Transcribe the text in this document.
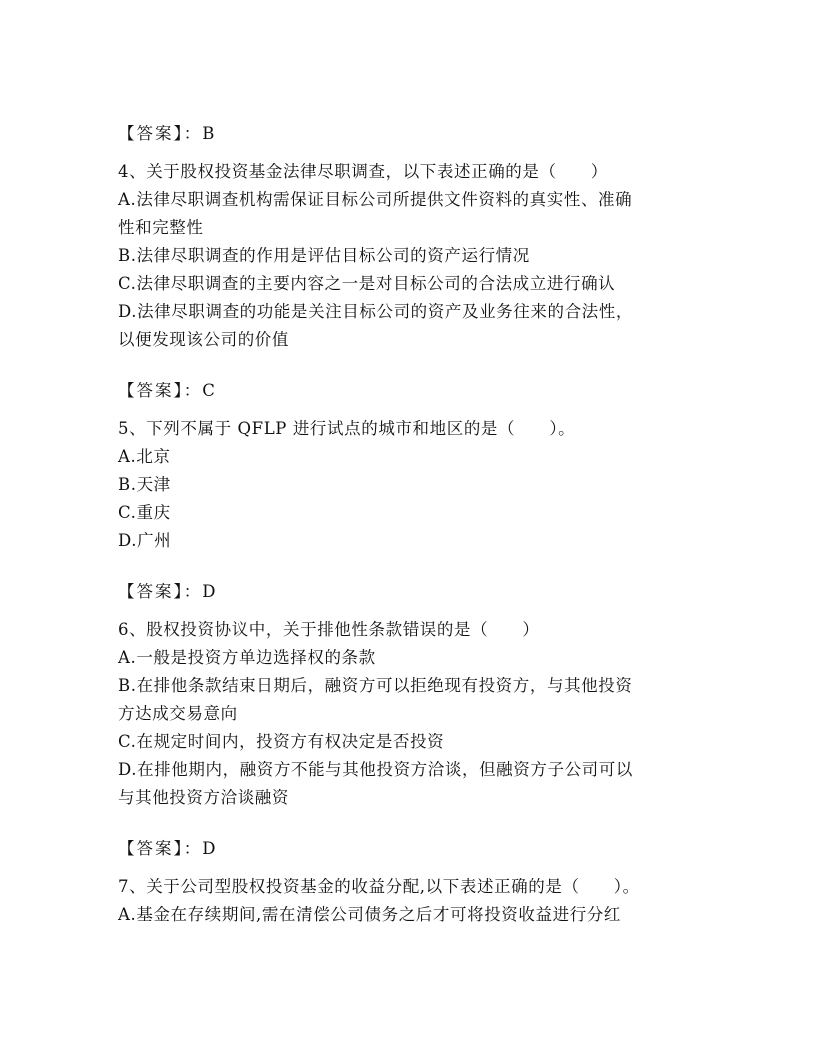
【答案】：B
4、关于股权投资基金法律尽职调查，以下表述正确的是（　　）
A.法律尽职调查机构需保证目标公司所提供文件资料的真实性、准确
性和完整性
B.法律尽职调查的作用是评估目标公司的资产运行情况
C.法律尽职调查的主要内容之一是对目标公司的合法成立进行确认
D.法律尽职调查的功能是关注目标公司的资产及业务往来的合法性，
以便发现该公司的价值
【答案】：C
5、下列不属于 QFLP 进行试点的城市和地区的是（　　）。
A.北京
B.天津
C.重庆
D.广州
【答案】：D
6、股权投资协议中，关于排他性条款错误的是（　　）
A.一般是投资方单边选择权的条款
B.在排他条款结束日期后，融资方可以拒绝现有投资方，与其他投资
方达成交易意向
C.在规定时间内，投资方有权决定是否投资
D.在排他期内，融资方不能与其他投资方洽谈，但融资方子公司可以
与其他投资方洽谈融资
【答案】：D
7、关于公司型股权投资基金的收益分配,以下表述正确的是（　　）。
A.基金在存续期间,需在清偿公司债务之后才可将投资收益进行分红
